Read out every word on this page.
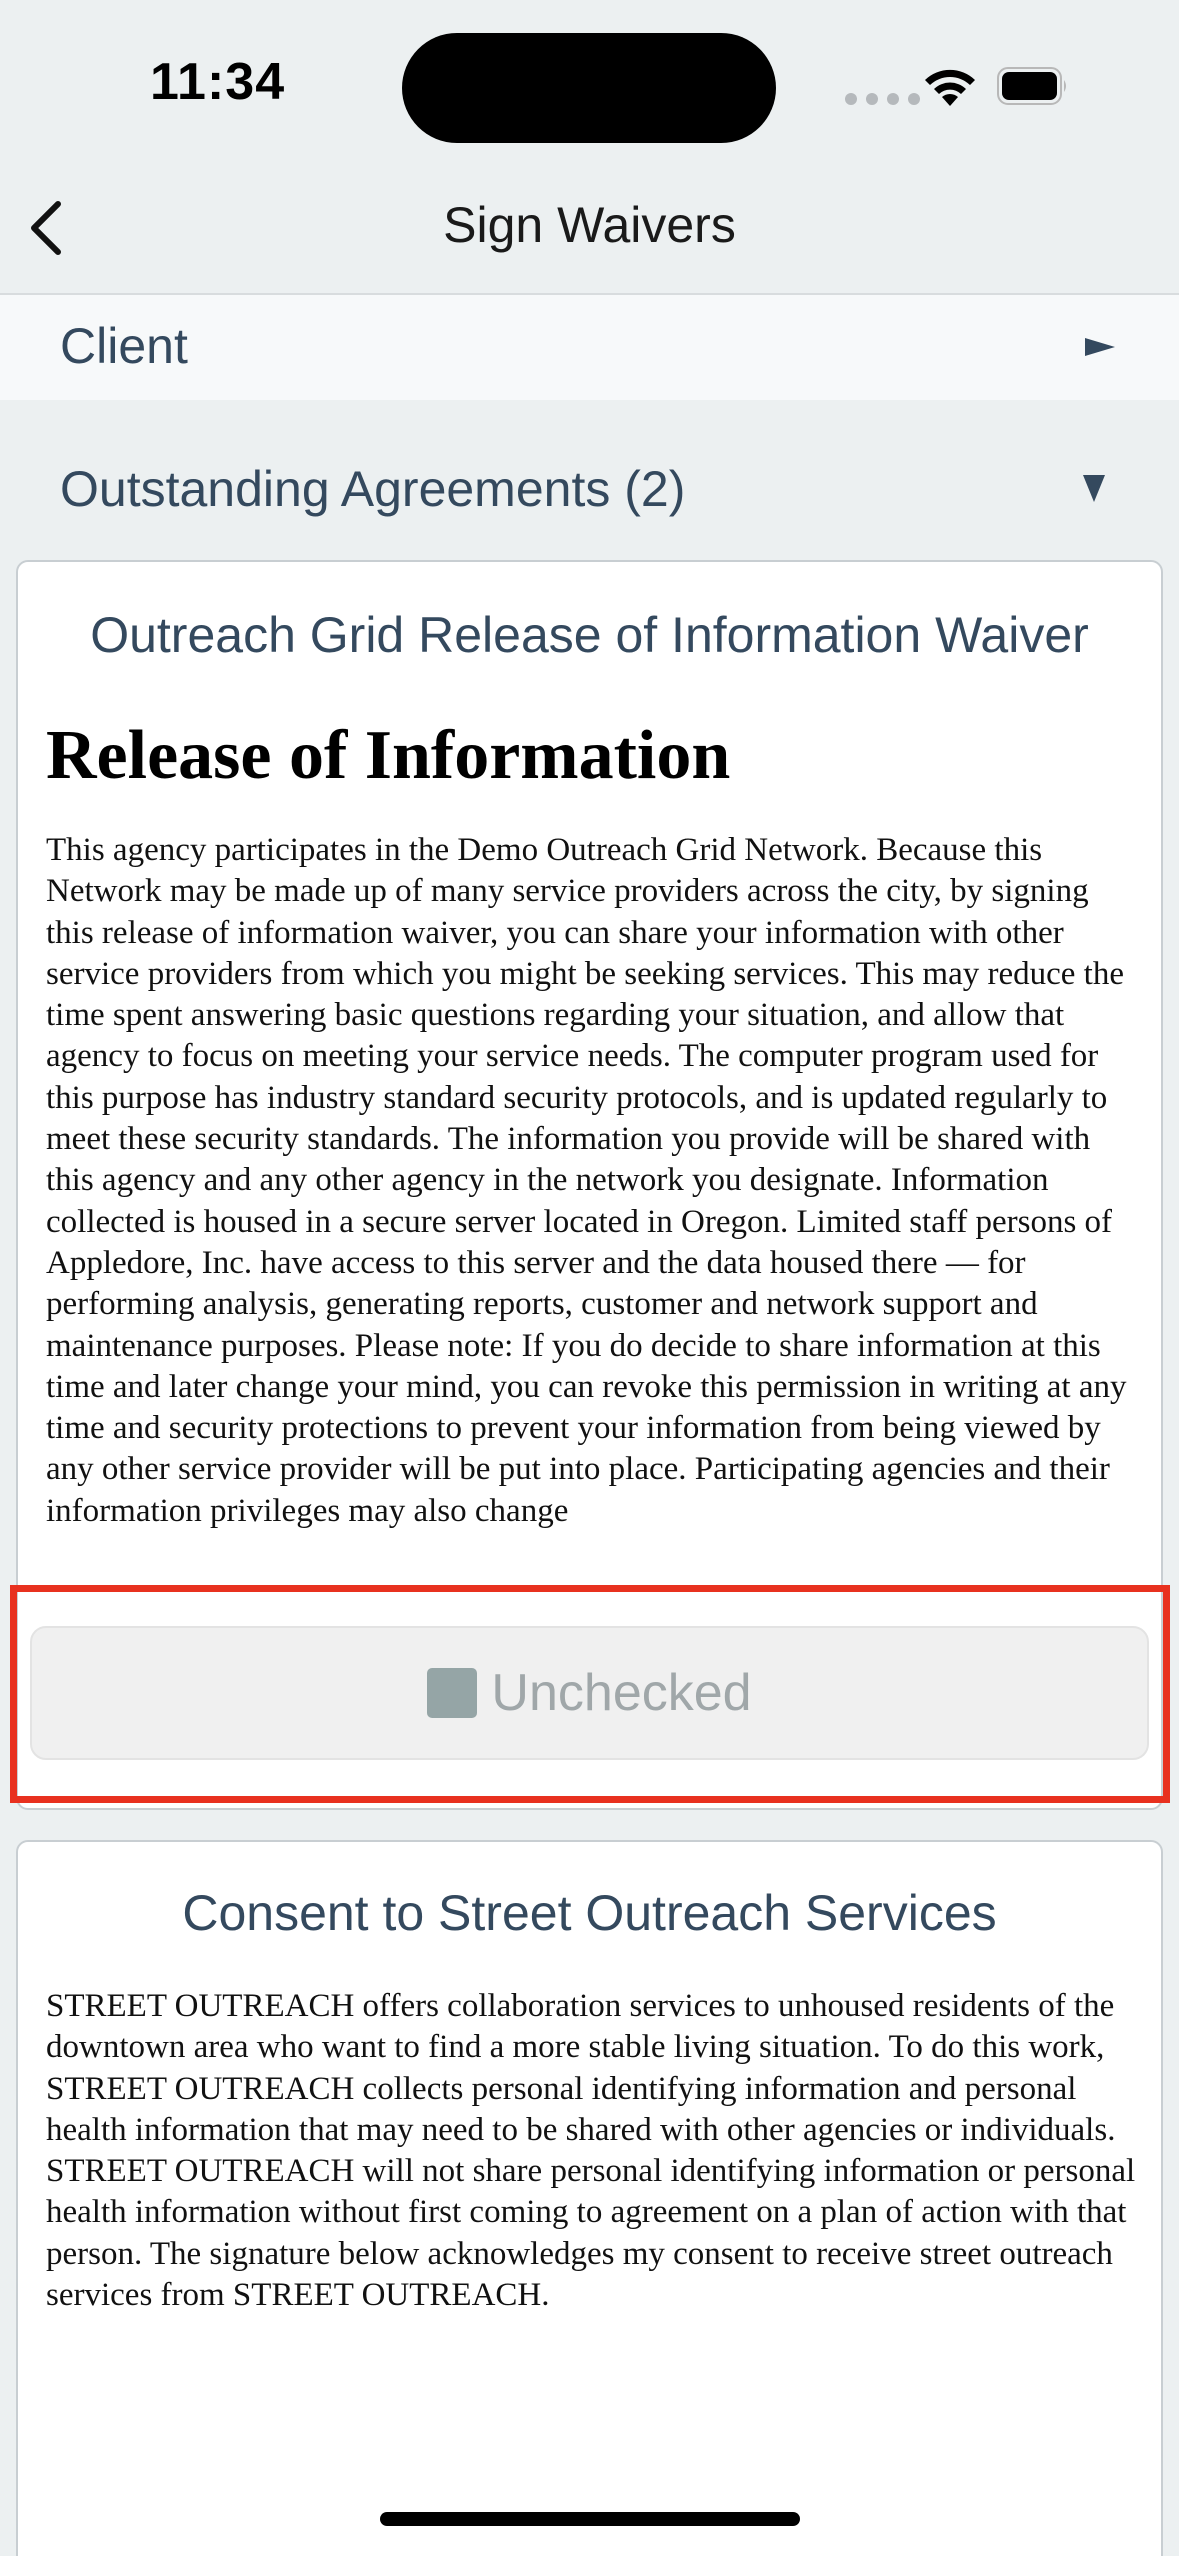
11:34
Sign Waivers
Client
Outstanding Agreements (2)
Outreach Grid Release of Information Waiver
Release of Information
This agency participates in the Demo Outreach Grid Network. Because this Network may be made up of many service providers across the city, by signing this release of information waiver, you can share your information with other service providers from which you might be seeking services. This may reduce the time spent answering basic questions regarding your situation, and allow that agency to focus on meeting your service needs. The computer program used for this purpose has industry standard security protocols, and is updated regularly to meet these security standards. The information you provide will be shared with this agency and any other agency in the network you designate. Information collected is housed in a secure server located in Oregon. Limited staff persons of Appledore, Inc. have access to this server and the data housed there — for performing analysis, generating reports, customer and network support and maintenance purposes. Please note: If you do decide to share information at this time and later change your mind, you can revoke this permission in writing at any time and security protections to prevent your information from being viewed by any other service provider will be put into place. Participating agencies and their information privileges may also change
Unchecked
Consent to Street Outreach Services
STREET OUTREACH offers collaboration services to unhoused residents of the downtown area who want to find a more stable living situation. To do this work, STREET OUTREACH collects personal identifying information and personal health information that may need to be shared with other agencies or individuals. STREET OUTREACH will not share personal identifying information or personal health information without first coming to agreement on a plan of action with that person. The signature below acknowledges my consent to receive street outreach services from STREET OUTREACH.
